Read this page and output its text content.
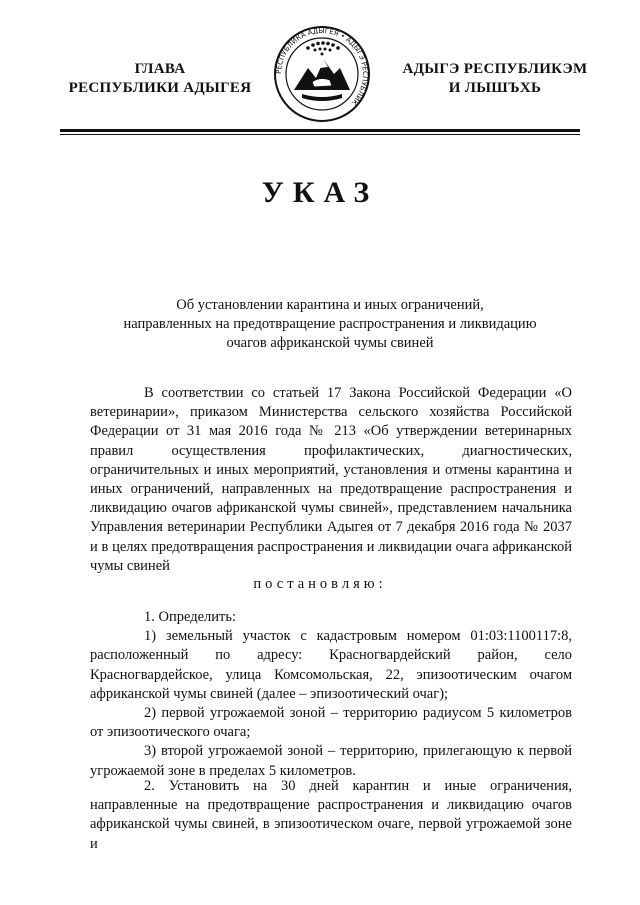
ГЛАВА
РЕСПУБЛИКИ АДЫГЕЯ
РЕСПУБЛИКА АДЫГЕЯ • АДЫГЭ РЕСПУБЛИК
АДЫГЭ РЕСПУБЛИКЭМ
И ЛЫШЪХЬ
УКАЗ
Об установлении карантина и иных ограничений,
направленных на предотвращение распространения и ликвидацию
очагов африканской чумы свиней
В соответствии со статьей 17 Закона Российской Федерации «О ветеринарии», приказом Министерства сельского хозяйства Российской Федерации от 31 мая 2016 года № 213 «Об утверждении ветеринарных правил осуществления профилактических, диагностических, ограничительных и иных мероприятий, установления и отмены карантина и иных ограничений, направленных на предотвращение распространения и ликвидацию очагов африканской чумы свиней», представлением начальника Управления ветеринарии Республики Адыгея от 7 декабря 2016 года № 2037 и в целях предотвращения распространения и ликвидации очага африканской чумы свиней
постановляю:

1. Определить:

1) земельный участок с кадастровым номером 01:03:1100117:8, расположенный по адресу: Красногвардейский район, село Красногвардейское, улица Комсомольская, 22, эпизоотическим очагом африканской чумы свиней (далее – эпизоотический очаг);

2) первой угрожаемой зоной – территорию радиусом 5 километров от эпизоотического очага;

3) второй угрожаемой зоной – территорию, прилегающую к первой угрожаемой зоне в пределах 5 километров.

2. Установить на 30 дней карантин и иные ограничения, направленные на предотвращение распространения и ликвидацию очагов африканской чумы свиней, в эпизоотическом очаге, первой угрожаемой зоне и
